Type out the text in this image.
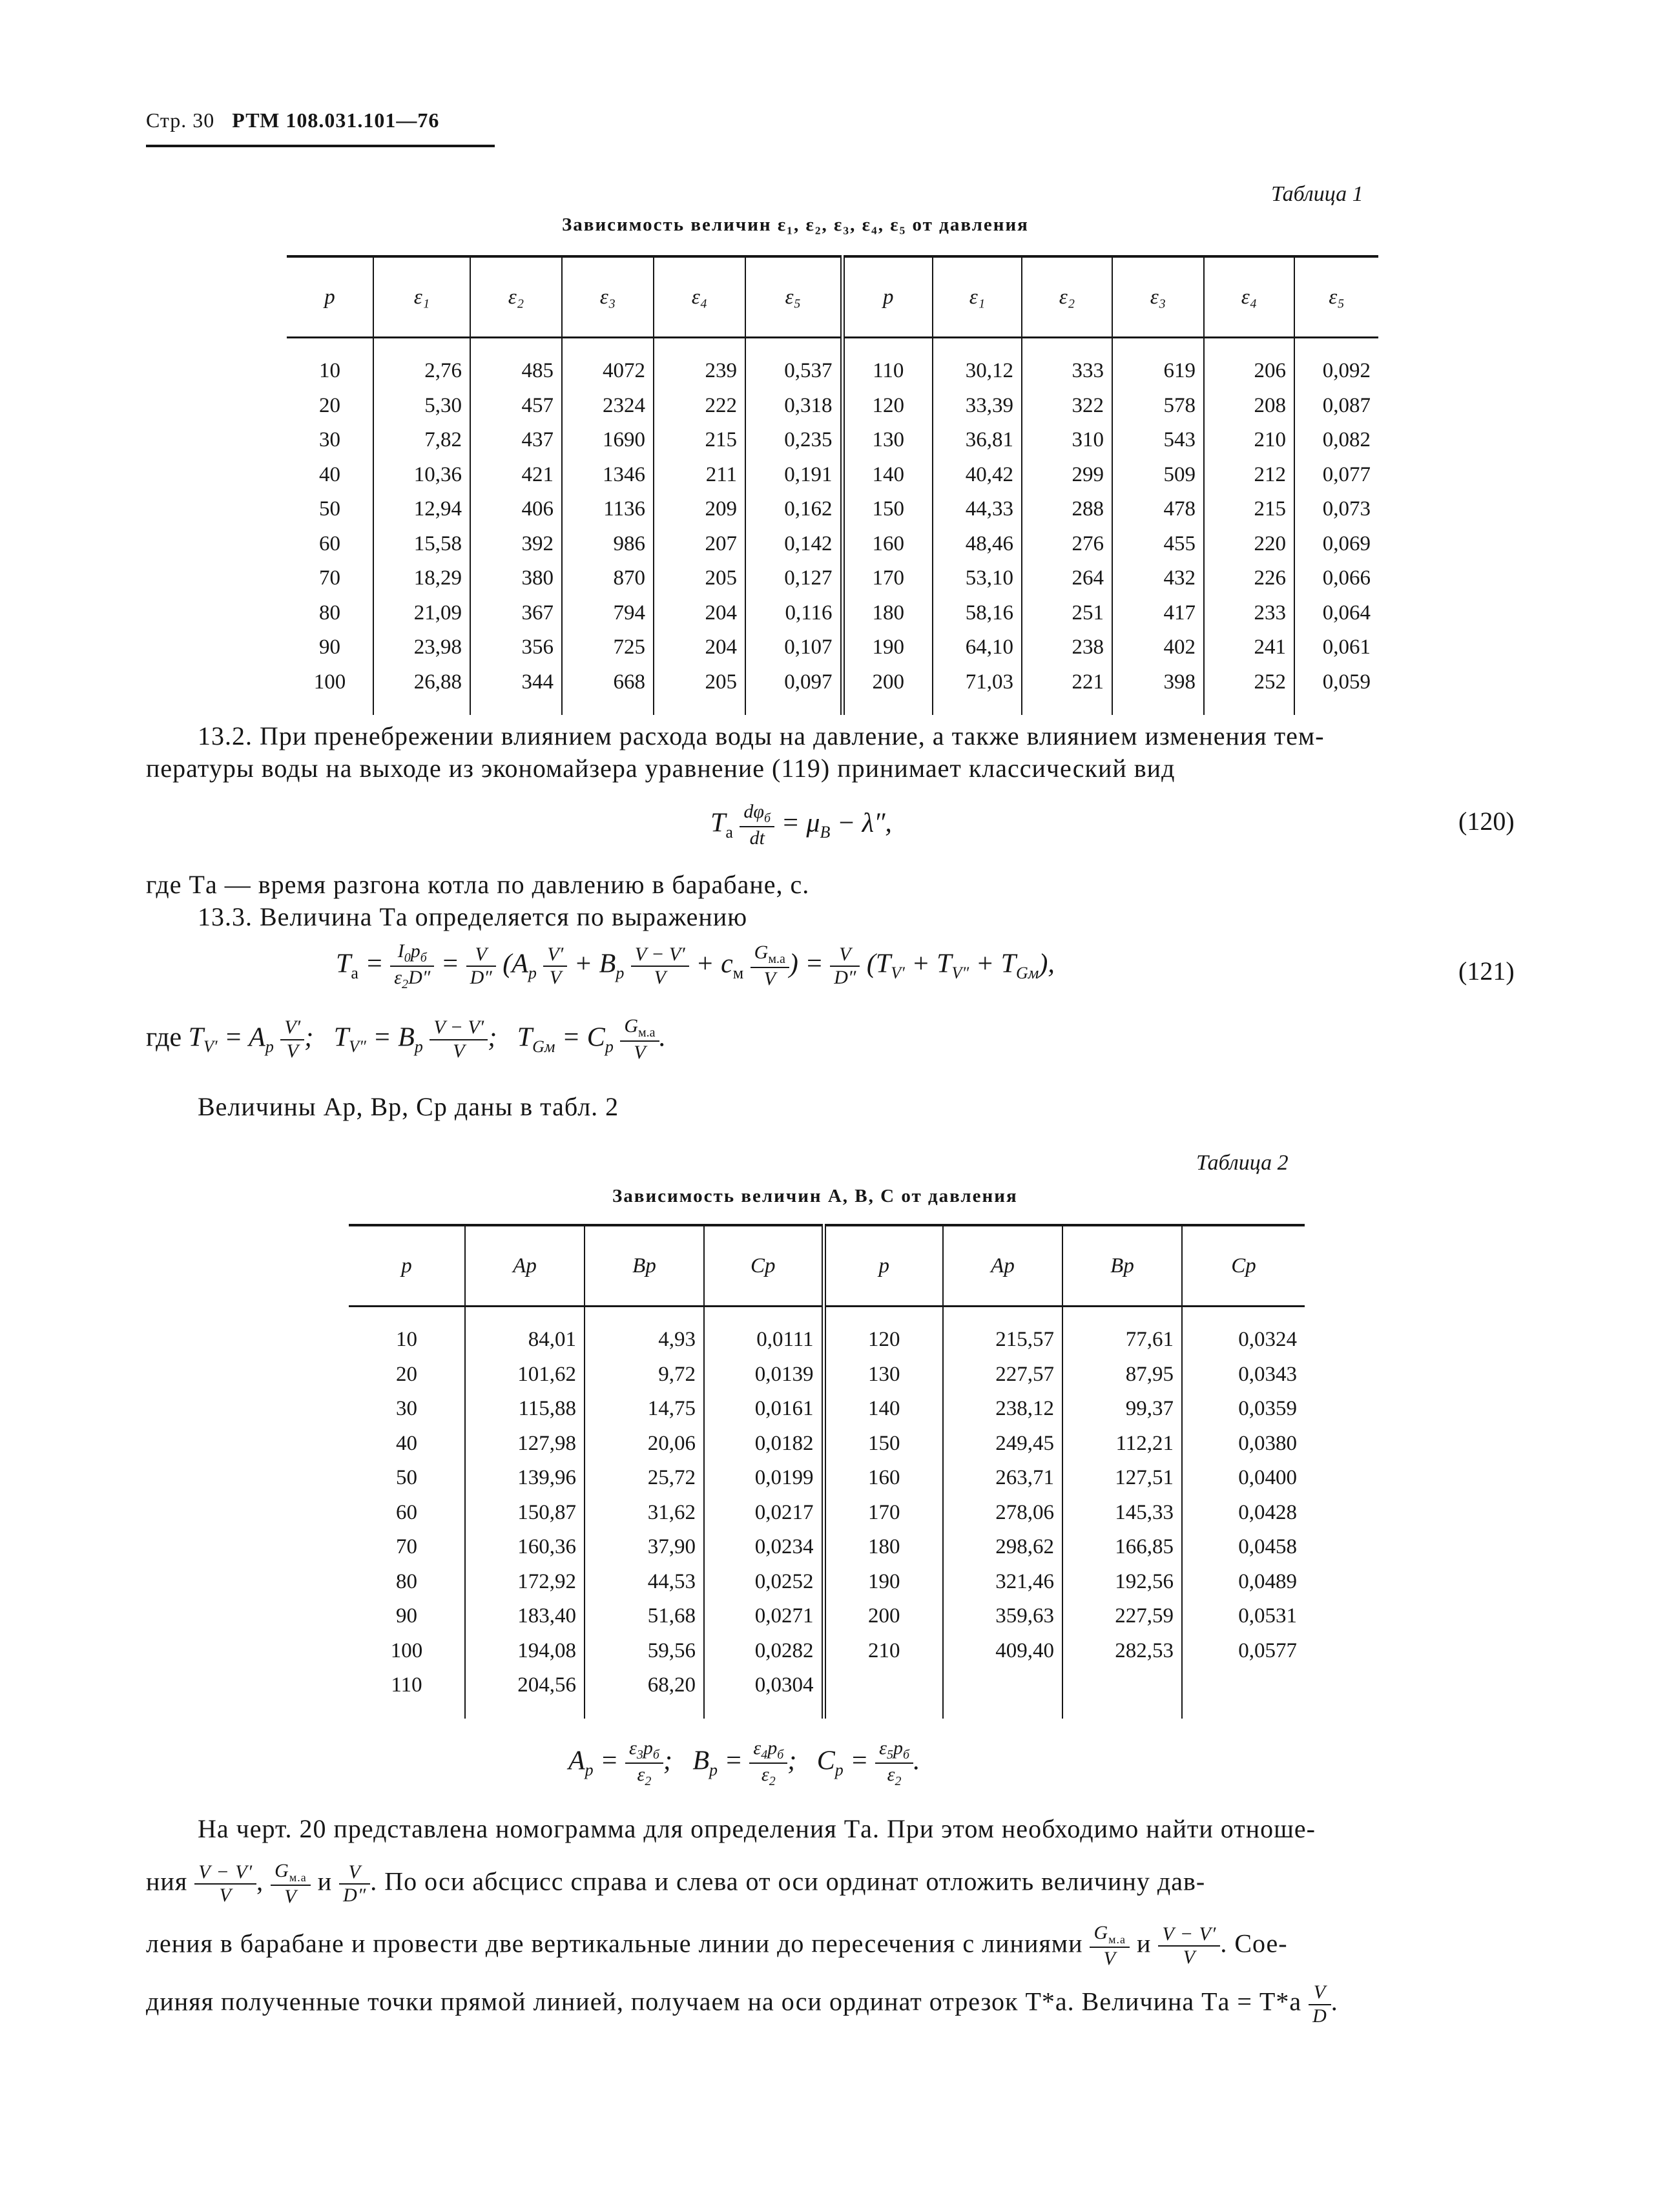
Стр. 30 РТМ 108.031.101—76
Таблица 1
Зависимость величин ε₁, ε₂, ε₃, ε₄, ε₅ от давления
p	ε₁	ε₂	ε₃	ε₄	ε₅	p	ε₁	ε₂	ε₃	ε₄	ε₅

10	2,76	485	4072	239	0,537	110	30,12	333	619	206	0,092
20	5,30	457	2324	222	0,318	120	33,39	322	578	208	0,087
30	7,82	437	1690	215	0,235	130	36,81	310	543	210	0,082
40	10,36	421	1346	211	0,191	140	40,42	299	509	212	0,077
50	12,94	406	1136	209	0,162	150	44,33	288	478	215	0,073
60	15,58	392	986	207	0,142	160	48,46	276	455	220	0,069
70	18,29	380	870	205	0,127	170	53,10	264	432	226	0,066
80	21,09	367	794	204	0,116	180	58,16	251	417	233	0,064
90	23,98	356	725	204	0,107	190	64,10	238	402	241	0,061
100	26,88	344	668	205	0,097	200	71,03	221	398	252	0,059

13.2. При пренебрежении влиянием расхода воды на давление, а также влиянием изменения тем-
пературы воды на выходе из экономайзера уравнение (119) принимает классический вид
$T_а \frac{d\varphi_б}{dt} = \mu_B - \lambda''$,	(120)
где Tа — время разгона котла по давлению в барабане, с.
13.3. Величина Tа определяется по выражению
$T_а = \frac{I_0p_б}{\varepsilon_2D''} = \frac{V}{D''} (A_p \frac{V'}{V} + B_p \frac{V - V'}{V} + c_м \frac{G_{м.а}}{V}$ ) = $\frac{V}{D''} (T_{V'} + T_{V''} + T_{Gм})$,	(121)
где $T_{V'} = A_p \frac{V'}{V}$ ;   $T_{V''} = B_p \frac{V - V'}{V}$ ;   $T_{Gм} = C_p \frac{G_{м.а}}{V}$ .
Величины Ap, Bp, Cp даны в табл. 2
Таблица 2
Зависимость величин A, B, C от давления
p	Ap	Bp	Cp	p	Ap	Bp	Cp

10	84,01	4,93	0,0111	120	215,57	77,61	0,0324
20	101,62	9,72	0,0139	130	227,57	87,95	0,0343
30	115,88	14,75	0,0161	140	238,12	99,37	0,0359
40	127,98	20,06	0,0182	150	249,45	112,21	0,0380
50	139,96	25,72	0,0199	160	263,71	127,51	0,0400
60	150,87	31,62	0,0217	170	278,06	145,33	0,0428
70	160,36	37,90	0,0234	180	298,62	166,85	0,0458
80	172,92	44,53	0,0252	190	321,46	192,56	0,0489
90	183,40	51,68	0,0271	200	359,63	227,59	0,0531
100	194,08	59,56	0,0282	210	409,40	282,53	0,0577
110	204,56	68,20	0,0304				

$A_p = \frac{\varepsilon_3p_б}{\varepsilon_2}$ ;   $B_p = \frac{\varepsilon_4p_б}{\varepsilon_2}$ ;   $C_p = \frac{\varepsilon_5p_б}{\varepsilon_2}$ .
На черт. 20 представлена номограмма для определения Tа. При этом необходимо найти отноше-
ния $\frac{V - V'}{V}$ , $\frac{G_{м.а}}{V}$ и $\frac{V}{D''}$ . По оси абсцисс справа и слева от оси ординат отложить величину дав-
ления в барабане и провести две вертикальные линии до пересечения с линиями $\frac{G_{м.а}}{V}$ и $\frac{V - V'}{V}$ . Сое-
диняя полученные точки прямой линией, получаем на оси ординат отрезок T*а. Величина Tа = $T*а \frac{V}{D}$ .
